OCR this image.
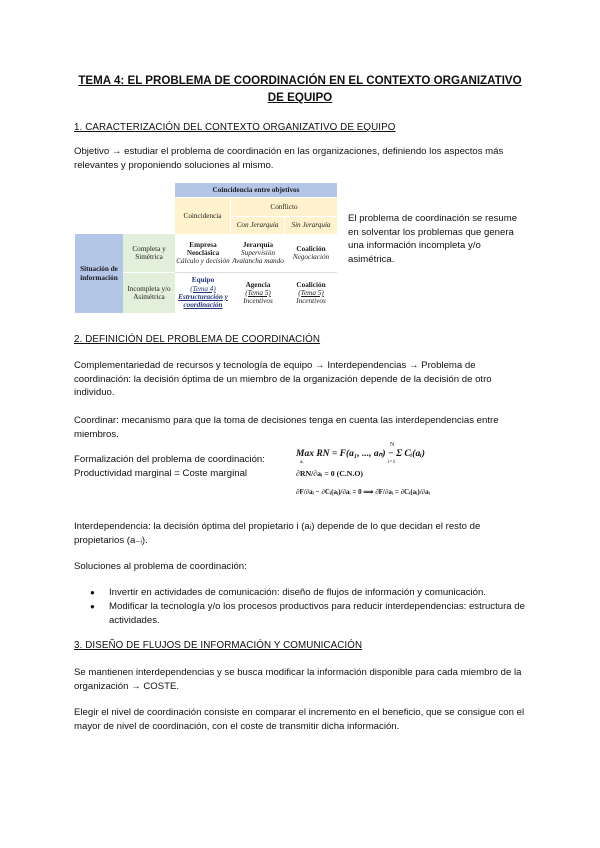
TEMA 4: EL PROBLEMA DE COORDINACIÓN EN EL CONTEXTO ORGANIZATIVO DE EQUIPO
1. CARACTERIZACIÓN DEL CONTEXTO ORGANIZATIVO DE EQUIPO
Objetivo → estudiar el problema de coordinación en las organizaciones, definiendo los aspectos más relevantes y proponiendo soluciones al mismo.
Coincidencia entre objetivos
Coincidencia
Conflicto
Con Jerarquía	Sin Jerarquía
Situación de información
Completa y Simétrica
Incompleta y/o Asimétrica
Empresa Neoclásica
Cálculo y decisión
Jerarquía
Supervisión Avalancha mando
Coalición
Negociación
Equipo
(Tema 4)
Estructuración y coordinación
Agencia
(Tema 5)
Incentivos
Coalición
(Tema 5)
Incentivos
El problema de coordinación se resume en solventar los problemas que genera una información incompleta y/o asimétrica.
2. DEFINICIÓN DEL PROBLEMA DE COORDINACIÓN
Complementariedad de recursos y tecnología de equipo → Interdependencias → Problema de coordinación: la decisión óptima de un miembro de la organización depende de la decisión de otro individuo.
Coordinar: mecanismo para que la toma de decisiones tenga en cuenta las interdependencias entre miembros.
Formalización del problema de coordinación:
Productividad marginal = Coste marginal
N
Max RN = F(a₁, ..., aₙ) − Σ Cᵢ(aᵢ)
aᵢ	i=1
∂RN/∂aᵢ = 0 (C.N.O)
∂F/∂aᵢ − ∂Cᵢ(aᵢ)/∂aᵢ = 0 ⟹ ∂F/∂aᵢ = ∂Cᵢ(aᵢ)/∂aᵢ
Interdependencia: la decisión óptima del propietario i (aᵢ) depende de lo que decidan el resto de propietarios (a₋ᵢ).
Soluciones al problema de coordinación:
● Invertir en actividades de comunicación: diseño de flujos de información y comunicación.
● Modificar la tecnología y/o los procesos productivos para reducir interdependencias: estructura de actividades.
3. DISEÑO DE FLUJOS DE INFORMACIÓN Y COMUNICACIÓN
Se mantienen interdependencias y se busca modificar la información disponible para cada miembro de la organización → COSTE.
Elegir el nivel de coordinación consiste en comparar el incremento en el beneficio, que se consigue con el mayor de nivel de coordinación, con el coste de transmitir dicha información.
